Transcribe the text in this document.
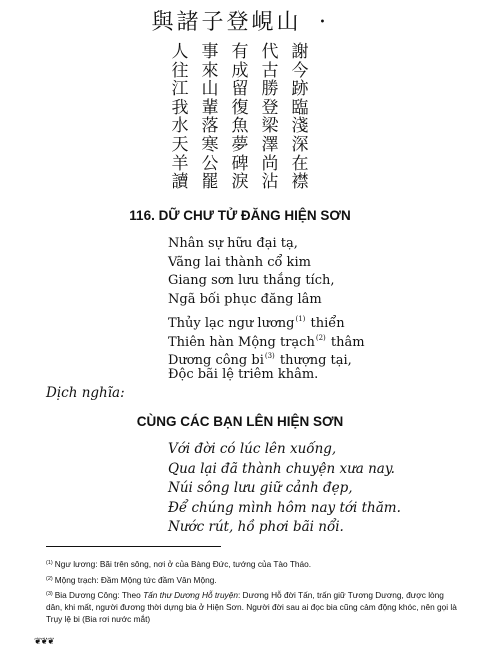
與諸子登峴山 •
人 事 有 代 謝
往 來 成 古 今
江 山 留 勝 跡
我 輩 復 登 臨
水 落 魚 梁 淺
天 寒 夢 澤 深
羊 公 碑 尚 在
讀 罷 淚 沾 襟
116. DỮ CHƯ TỬ ĐĂNG HIỆN SƠN
Nhân sự hữu đại tạ,
Vãng lai thành cổ kim
Giang sơn lưu thắng tích,
Ngã bối phục đăng lâm
Thủy lạc ngư lương$^{(1)}$ thiển
Thiên hàn Mộng trạch$^{(2)}$ thâm
Dương công $bi^{(3)}$ thượng tại,
Độc bãi lệ triêm khâm.
Dịch nghĩa:
CÙNG CÁC BẠN LÊN HIỆN SƠN
Với đời có lúc lên xuống,
Qua lại đã thành chuyện xưa nay.
Núi sông lưu giữ cảnh đẹp,
Để chúng mình hôm nay tới thăm.
Nước rút, hồ phơi bãi nổi.
$^{(1)}$ Ngư lương: Bãi trên sông, nơi ở của Bàng Đức, tướng của Tào Tháo.
$^{(2)}$ Mộng trạch: Đầm Mộng tức đầm Vân Mộng.
$^{(3)}$ Bia Dương Công: Theo Tấn thư Dương Hỗ truyện: Dương Hỗ đời Tấn, trấn giữ Tương Dương, được lòng dân, khi mất, người đương thời dựng bia ở Hiện Sơn. Người đời sau ai đọc bia cũng cảm động khóc, nên gọi là Trụy lệ bi (Bia rơi nước mắt)
❦❦❦
